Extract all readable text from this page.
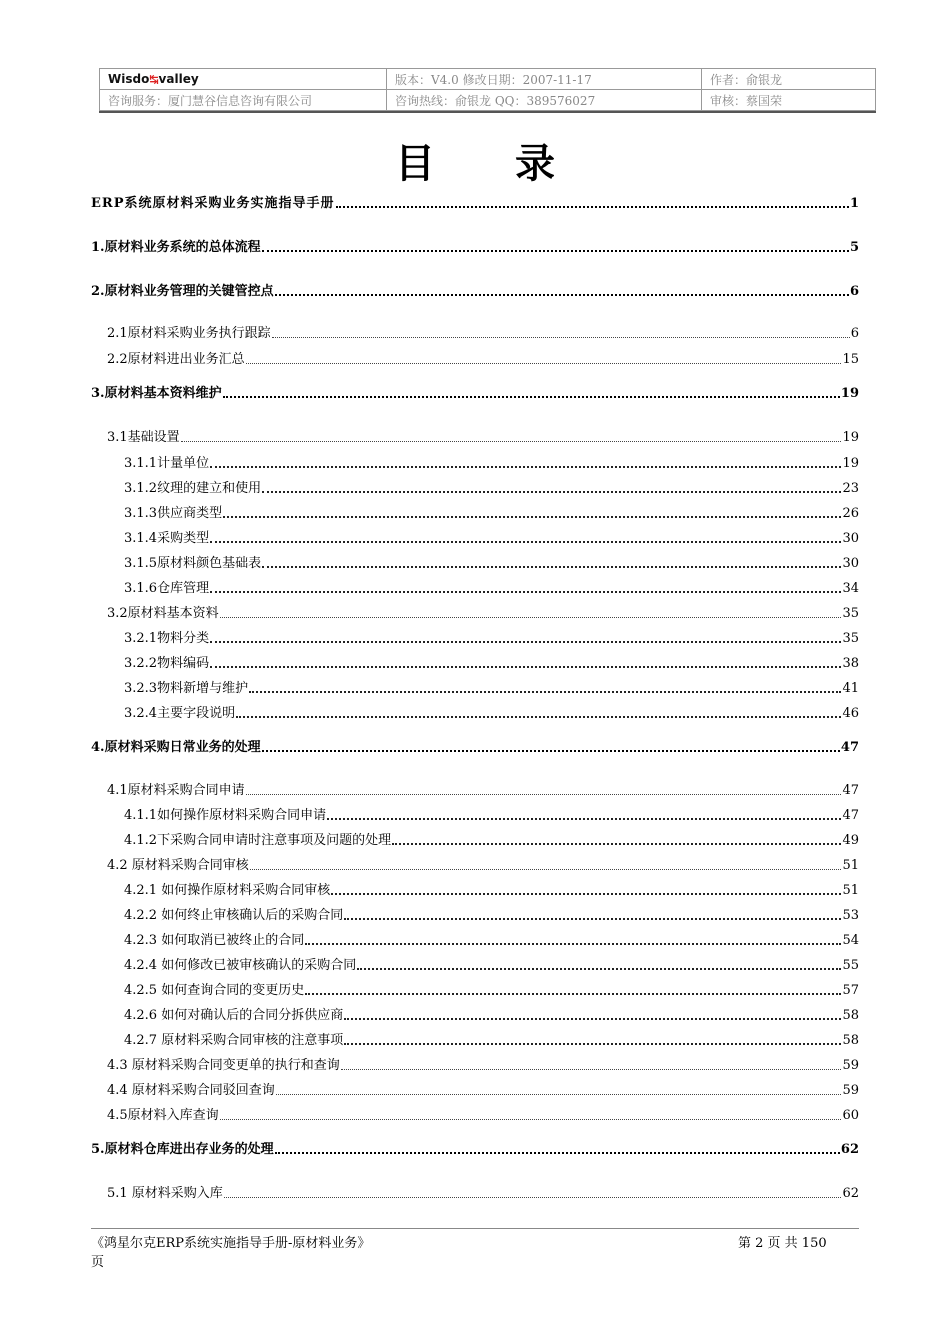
Wisdo↹valley	版本：V4.0 修改日期：2007-11-17	作者：俞银龙
咨询服务：厦门慧谷信息咨询有限公司	咨询热线：俞银龙 QQ：389576027	审核：蔡国荣
目 录
ERP系统原材料采购业务实施指导手册	1
1.原材料业务系统的总体流程	5
2.原材料业务管理的关键管控点	6
2.1原材料采购业务执行跟踪	6
2.2原材料进出业务汇总	15
3.原材料基本资料维护	19
3.1基础设置	19
3.1.1计量单位	19
3.1.2纹理的建立和使用	23
3.1.3供应商类型	26
3.1.4采购类型	30
3.1.5原材料颜色基础表	30
3.1.6仓库管理	34
3.2原材料基本资料	35
3.2.1物料分类	35
3.2.2物料编码	38
3.2.3物料新增与维护	41
3.2.4主要字段说明	46
4.原材料采购日常业务的处理	47
4.1原材料采购合同申请	47
4.1.1如何操作原材料采购合同申请	47
4.1.2下采购合同申请时注意事项及问题的处理	49
4.2 原材料采购合同审核	51
4.2.1 如何操作原材料采购合同审核	51
4.2.2 如何终止审核确认后的采购合同	53
4.2.3 如何取消已被终止的合同	54
4.2.4 如何修改已被审核确认的采购合同	55
4.2.5 如何查询合同的变更历史	57
4.2.6 如何对确认后的合同分拆供应商	58
4.2.7 原材料采购合同审核的注意事项	58
4.3 原材料采购合同变更单的执行和查询	59
4.4 原材料采购合同驳回查询	59
4.5原材料入库查询	60
5.原材料仓库进出存业务的处理	62
5.1 原材料采购入库	62
《鸿星尔克ERP系统实施指导手册-原材料业务》	第 2 页 共 150
页
